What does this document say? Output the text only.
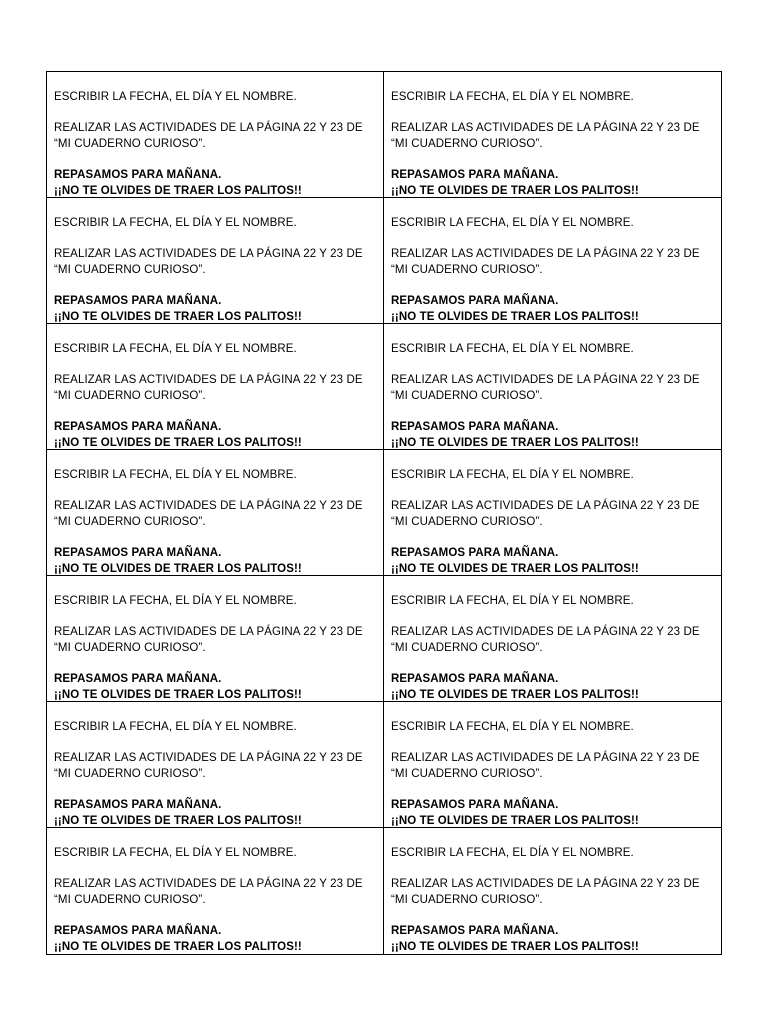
ESCRIBIR LA FECHA, EL DÍA Y EL NOMBRE.
REALIZAR LAS ACTIVIDADES DE LA PÁGINA 22 Y 23 DE
“MI CUADERNO CURIOSO”.
REPASAMOS PARA MAÑANA.
¡¡NO TE OLVIDES DE TRAER LOS PALITOS!!
ESCRIBIR LA FECHA, EL DÍA Y EL NOMBRE.
REALIZAR LAS ACTIVIDADES DE LA PÁGINA 22 Y 23 DE
“MI CUADERNO CURIOSO”.
REPASAMOS PARA MAÑANA.
¡¡NO TE OLVIDES DE TRAER LOS PALITOS!!
ESCRIBIR LA FECHA, EL DÍA Y EL NOMBRE.
REALIZAR LAS ACTIVIDADES DE LA PÁGINA 22 Y 23 DE
“MI CUADERNO CURIOSO”.
REPASAMOS PARA MAÑANA.
¡¡NO TE OLVIDES DE TRAER LOS PALITOS!!
ESCRIBIR LA FECHA, EL DÍA Y EL NOMBRE.
REALIZAR LAS ACTIVIDADES DE LA PÁGINA 22 Y 23 DE
“MI CUADERNO CURIOSO”.
REPASAMOS PARA MAÑANA.
¡¡NO TE OLVIDES DE TRAER LOS PALITOS!!
ESCRIBIR LA FECHA, EL DÍA Y EL NOMBRE.
REALIZAR LAS ACTIVIDADES DE LA PÁGINA 22 Y 23 DE
“MI CUADERNO CURIOSO”.
REPASAMOS PARA MAÑANA.
¡¡NO TE OLVIDES DE TRAER LOS PALITOS!!
ESCRIBIR LA FECHA, EL DÍA Y EL NOMBRE.
REALIZAR LAS ACTIVIDADES DE LA PÁGINA 22 Y 23 DE
“MI CUADERNO CURIOSO”.
REPASAMOS PARA MAÑANA.
¡¡NO TE OLVIDES DE TRAER LOS PALITOS!!
ESCRIBIR LA FECHA, EL DÍA Y EL NOMBRE.
REALIZAR LAS ACTIVIDADES DE LA PÁGINA 22 Y 23 DE
“MI CUADERNO CURIOSO”.
REPASAMOS PARA MAÑANA.
¡¡NO TE OLVIDES DE TRAER LOS PALITOS!!
ESCRIBIR LA FECHA, EL DÍA Y EL NOMBRE.
REALIZAR LAS ACTIVIDADES DE LA PÁGINA 22 Y 23 DE
“MI CUADERNO CURIOSO”.
REPASAMOS PARA MAÑANA.
¡¡NO TE OLVIDES DE TRAER LOS PALITOS!!
ESCRIBIR LA FECHA, EL DÍA Y EL NOMBRE.
REALIZAR LAS ACTIVIDADES DE LA PÁGINA 22 Y 23 DE
“MI CUADERNO CURIOSO”.
REPASAMOS PARA MAÑANA.
¡¡NO TE OLVIDES DE TRAER LOS PALITOS!!
ESCRIBIR LA FECHA, EL DÍA Y EL NOMBRE.
REALIZAR LAS ACTIVIDADES DE LA PÁGINA 22 Y 23 DE
“MI CUADERNO CURIOSO”.
REPASAMOS PARA MAÑANA.
¡¡NO TE OLVIDES DE TRAER LOS PALITOS!!
ESCRIBIR LA FECHA, EL DÍA Y EL NOMBRE.
REALIZAR LAS ACTIVIDADES DE LA PÁGINA 22 Y 23 DE
“MI CUADERNO CURIOSO”.
REPASAMOS PARA MAÑANA.
¡¡NO TE OLVIDES DE TRAER LOS PALITOS!!
ESCRIBIR LA FECHA, EL DÍA Y EL NOMBRE.
REALIZAR LAS ACTIVIDADES DE LA PÁGINA 22 Y 23 DE
“MI CUADERNO CURIOSO”.
REPASAMOS PARA MAÑANA.
¡¡NO TE OLVIDES DE TRAER LOS PALITOS!!
ESCRIBIR LA FECHA, EL DÍA Y EL NOMBRE.
REALIZAR LAS ACTIVIDADES DE LA PÁGINA 22 Y 23 DE
“MI CUADERNO CURIOSO”.
REPASAMOS PARA MAÑANA.
¡¡NO TE OLVIDES DE TRAER LOS PALITOS!!
ESCRIBIR LA FECHA, EL DÍA Y EL NOMBRE.
REALIZAR LAS ACTIVIDADES DE LA PÁGINA 22 Y 23 DE
“MI CUADERNO CURIOSO”.
REPASAMOS PARA MAÑANA.
¡¡NO TE OLVIDES DE TRAER LOS PALITOS!!
